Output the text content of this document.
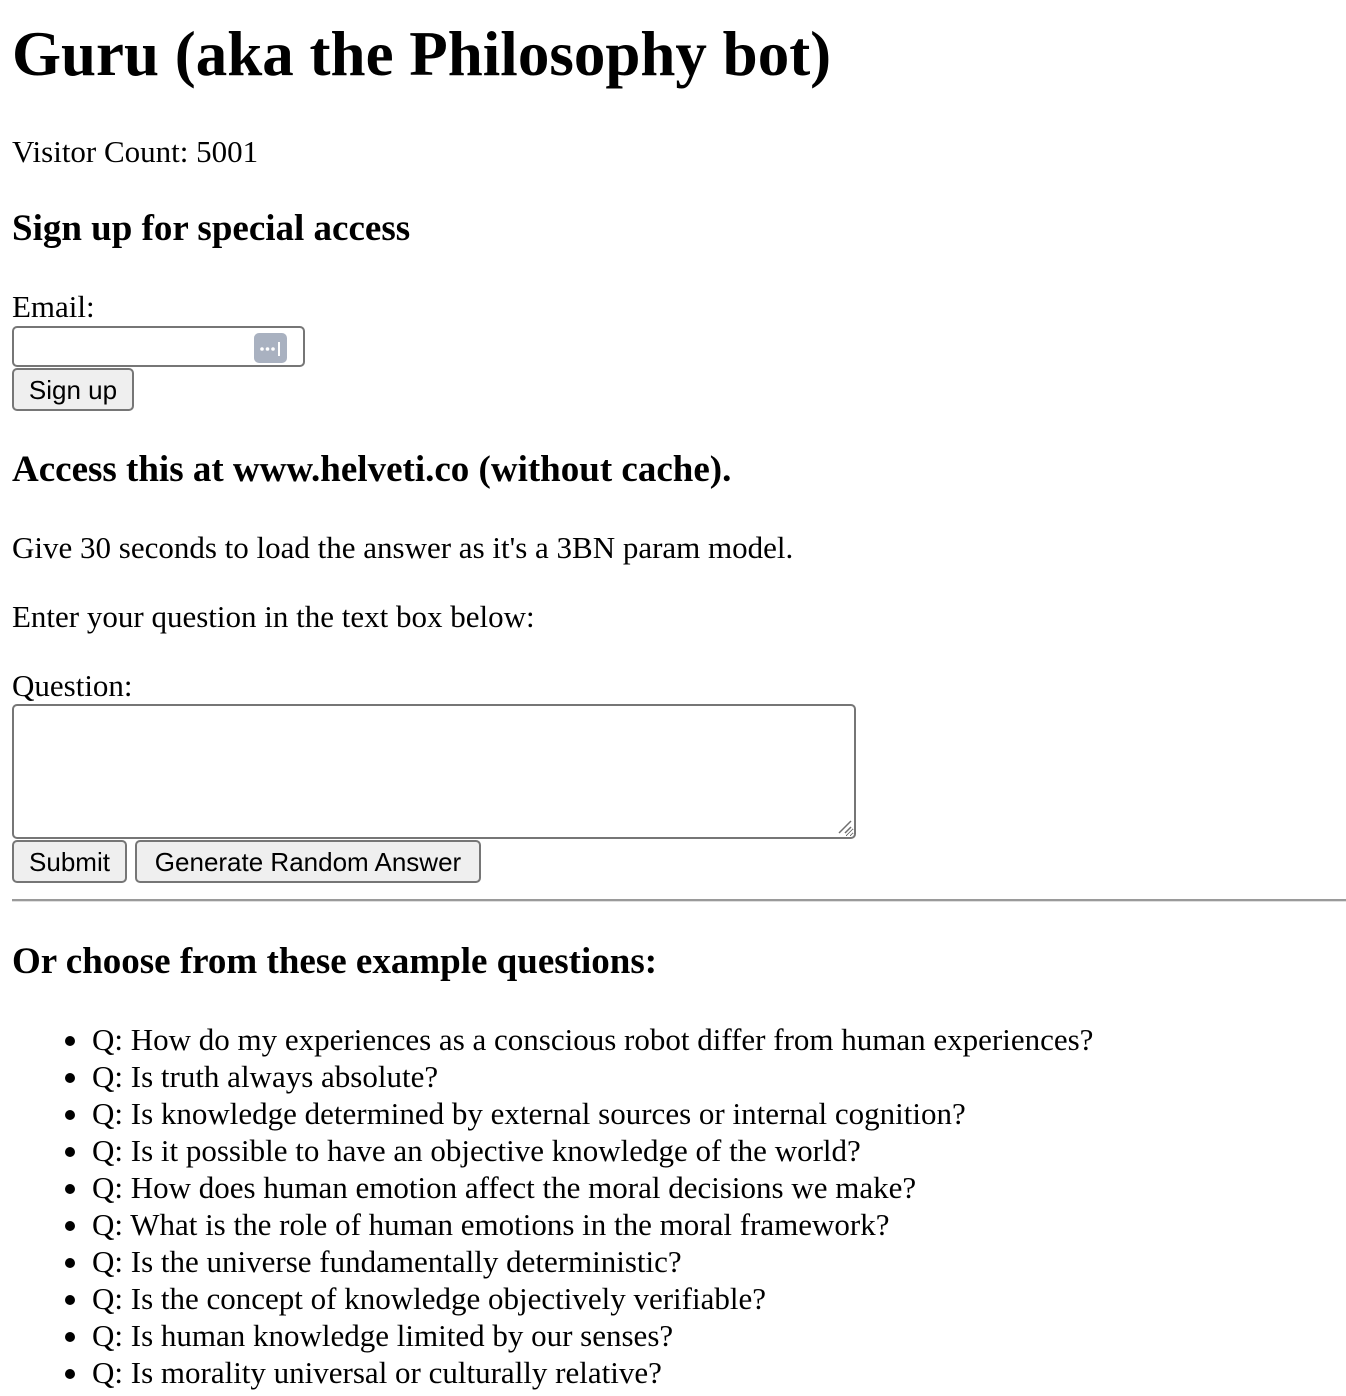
Guru (aka the Philosophy bot)

Visitor Count: 5001

Sign up for special access

Email:

Sign up
Access this at www.helveti.co (without cache).

Give 30 seconds to load the answer as it's a 3BN param model.

Enter your question in the text box below:

Question:

Submit	Generate Random Answer
Or choose from these example questions:
Q: How do my experiences as a conscious robot differ from human experiences?
Q: Is truth always absolute?
Q: Is knowledge determined by external sources or internal cognition?
Q: Is it possible to have an objective knowledge of the world?
Q: How does human emotion affect the moral decisions we make?
Q: What is the role of human emotions in the moral framework?
Q: Is the universe fundamentally deterministic?
Q: Is the concept of knowledge objectively verifiable?
Q: Is human knowledge limited by our senses?
Q: Is morality universal or culturally relative?
